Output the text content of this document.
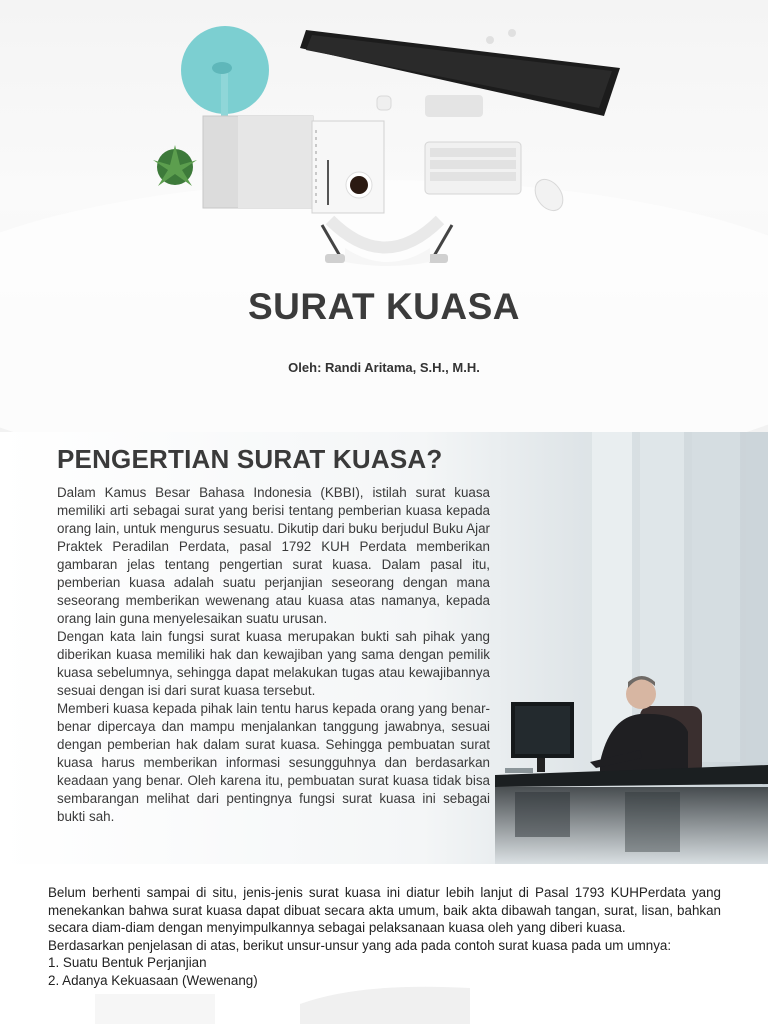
SURAT KUASA
Oleh: Randi Aritama, S.H., M.H.
PENGERTIAN SURAT KUASA?

Dalam Kamus Besar Bahasa Indonesia (KBBI), istilah surat kuasa memiliki arti sebagai surat yang berisi tentang pemberian kuasa kepada orang lain, untuk mengurus sesuatu. Dikutip dari buku berjudul Buku Ajar Praktek Peradilan Perdata, pasal 1792 KUH Perdata memberikan gambaran jelas tentang pengertian surat kuasa. Dalam pasal itu, pemberian kuasa adalah suatu perjanjian seseorang dengan mana seseorang memberikan wewenang atau kuasa atas namanya, kepada orang lain guna menyelesaikan suatu urusan.

Dengan kata lain fungsi surat kuasa merupakan bukti sah pihak yang diberikan kuasa memiliki hak dan kewajiban yang sama dengan pemilik kuasa sebelumnya, sehingga dapat melakukan tugas atau kewajibannya sesuai dengan isi dari surat kuasa tersebut.

Memberi kuasa kepada pihak lain tentu harus kepada orang yang benar-benar dipercaya dan mampu menjalankan tanggung jawabnya, sesuai dengan pemberian hak dalam surat kuasa. Sehingga pembuatan surat kuasa harus memberikan informasi sesungguhnya dan berdasarkan keadaan yang benar. Oleh karena itu, pembuatan surat kuasa tidak bisa sembarangan melihat dari pentingnya fungsi surat kuasa ini sebagai bukti sah.

Belum berhenti sampai di situ, jenis-jenis surat kuasa ini diatur lebih lanjut di Pasal 1793 KUHPerdata yang menekankan bahwa surat kuasa dapat dibuat secara akta umum, baik akta dibawah tangan, surat, lisan, bahkan secara diam-diam dengan menyimpulkannya sebagai pelaksanaan kuasa oleh yang diberi kuasa.

Berdasarkan penjelasan di atas, berikut unsur-unsur yang ada pada contoh surat kuasa pada um umnya:

1. Suatu Bentuk Perjanjian

2. Adanya Kekuasaan (Wewenang)
